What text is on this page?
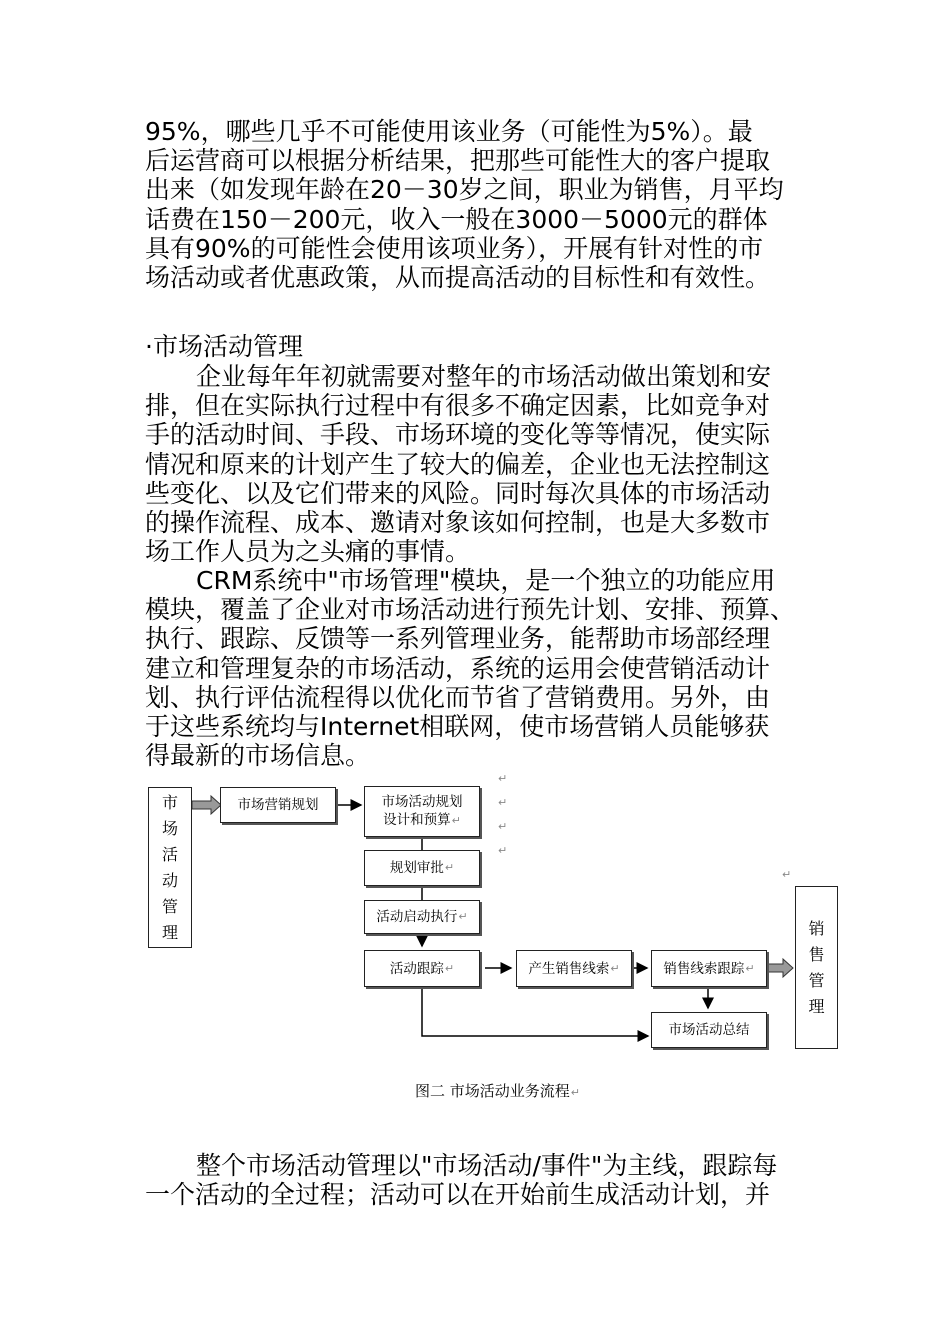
95%，哪些几乎不可能使用该业务（可能性为5%）。最
后运营商可以根据分析结果，把那些可能性大的客户提取
出来（如发现年龄在20－30岁之间，职业为销售，月平均
话费在150－200元，收入一般在3000－5000元的群体
具有90%的可能性会使用该项业务），开展有针对性的市
场活动或者优惠政策，从而提高活动的目标性和有效性。
·市场活动管理
企业每年年初就需要对整年的市场活动做出策划和安
排，但在实际执行过程中有很多不确定因素，比如竞争对
手的活动时间、手段、市场环境的变化等等情况，使实际
情况和原来的计划产生了较大的偏差，企业也无法控制这
些变化、以及它们带来的风险。同时每次具体的市场活动
的操作流程、成本、邀请对象该如何控制，也是大多数市
场工作人员为之头痛的事情。
CRM系统中"市场管理"模块，是一个独立的功能应用
模块，覆盖了企业对市场活动进行预先计划、安排、预算、
执行、跟踪、反馈等一系列管理业务，能帮助市场部经理
建立和管理复杂的市场活动，系统的运用会使营销活动计
划、执行评估流程得以优化而节省了营销费用。另外，由
于这些系统均与Internet相联网，使市场营销人员能够获
得最新的市场信息。
市
场
活
动
管
理
市场营销规划	市场活动规划
设计和预算↵
规划审批 ↵
活动启动执行 ↵
活动跟踪 ↵	产生销售线索 ↵	销售线索跟踪 ↵
市场活动总结
销
售
管
理
↵
↵
↵
↵
↵
图二 市场活动业务流程↵
整个市场活动管理以"市场活动/事件"为主线，跟踪每
一个活动的全过程；活动可以在开始前生成活动计划，并
